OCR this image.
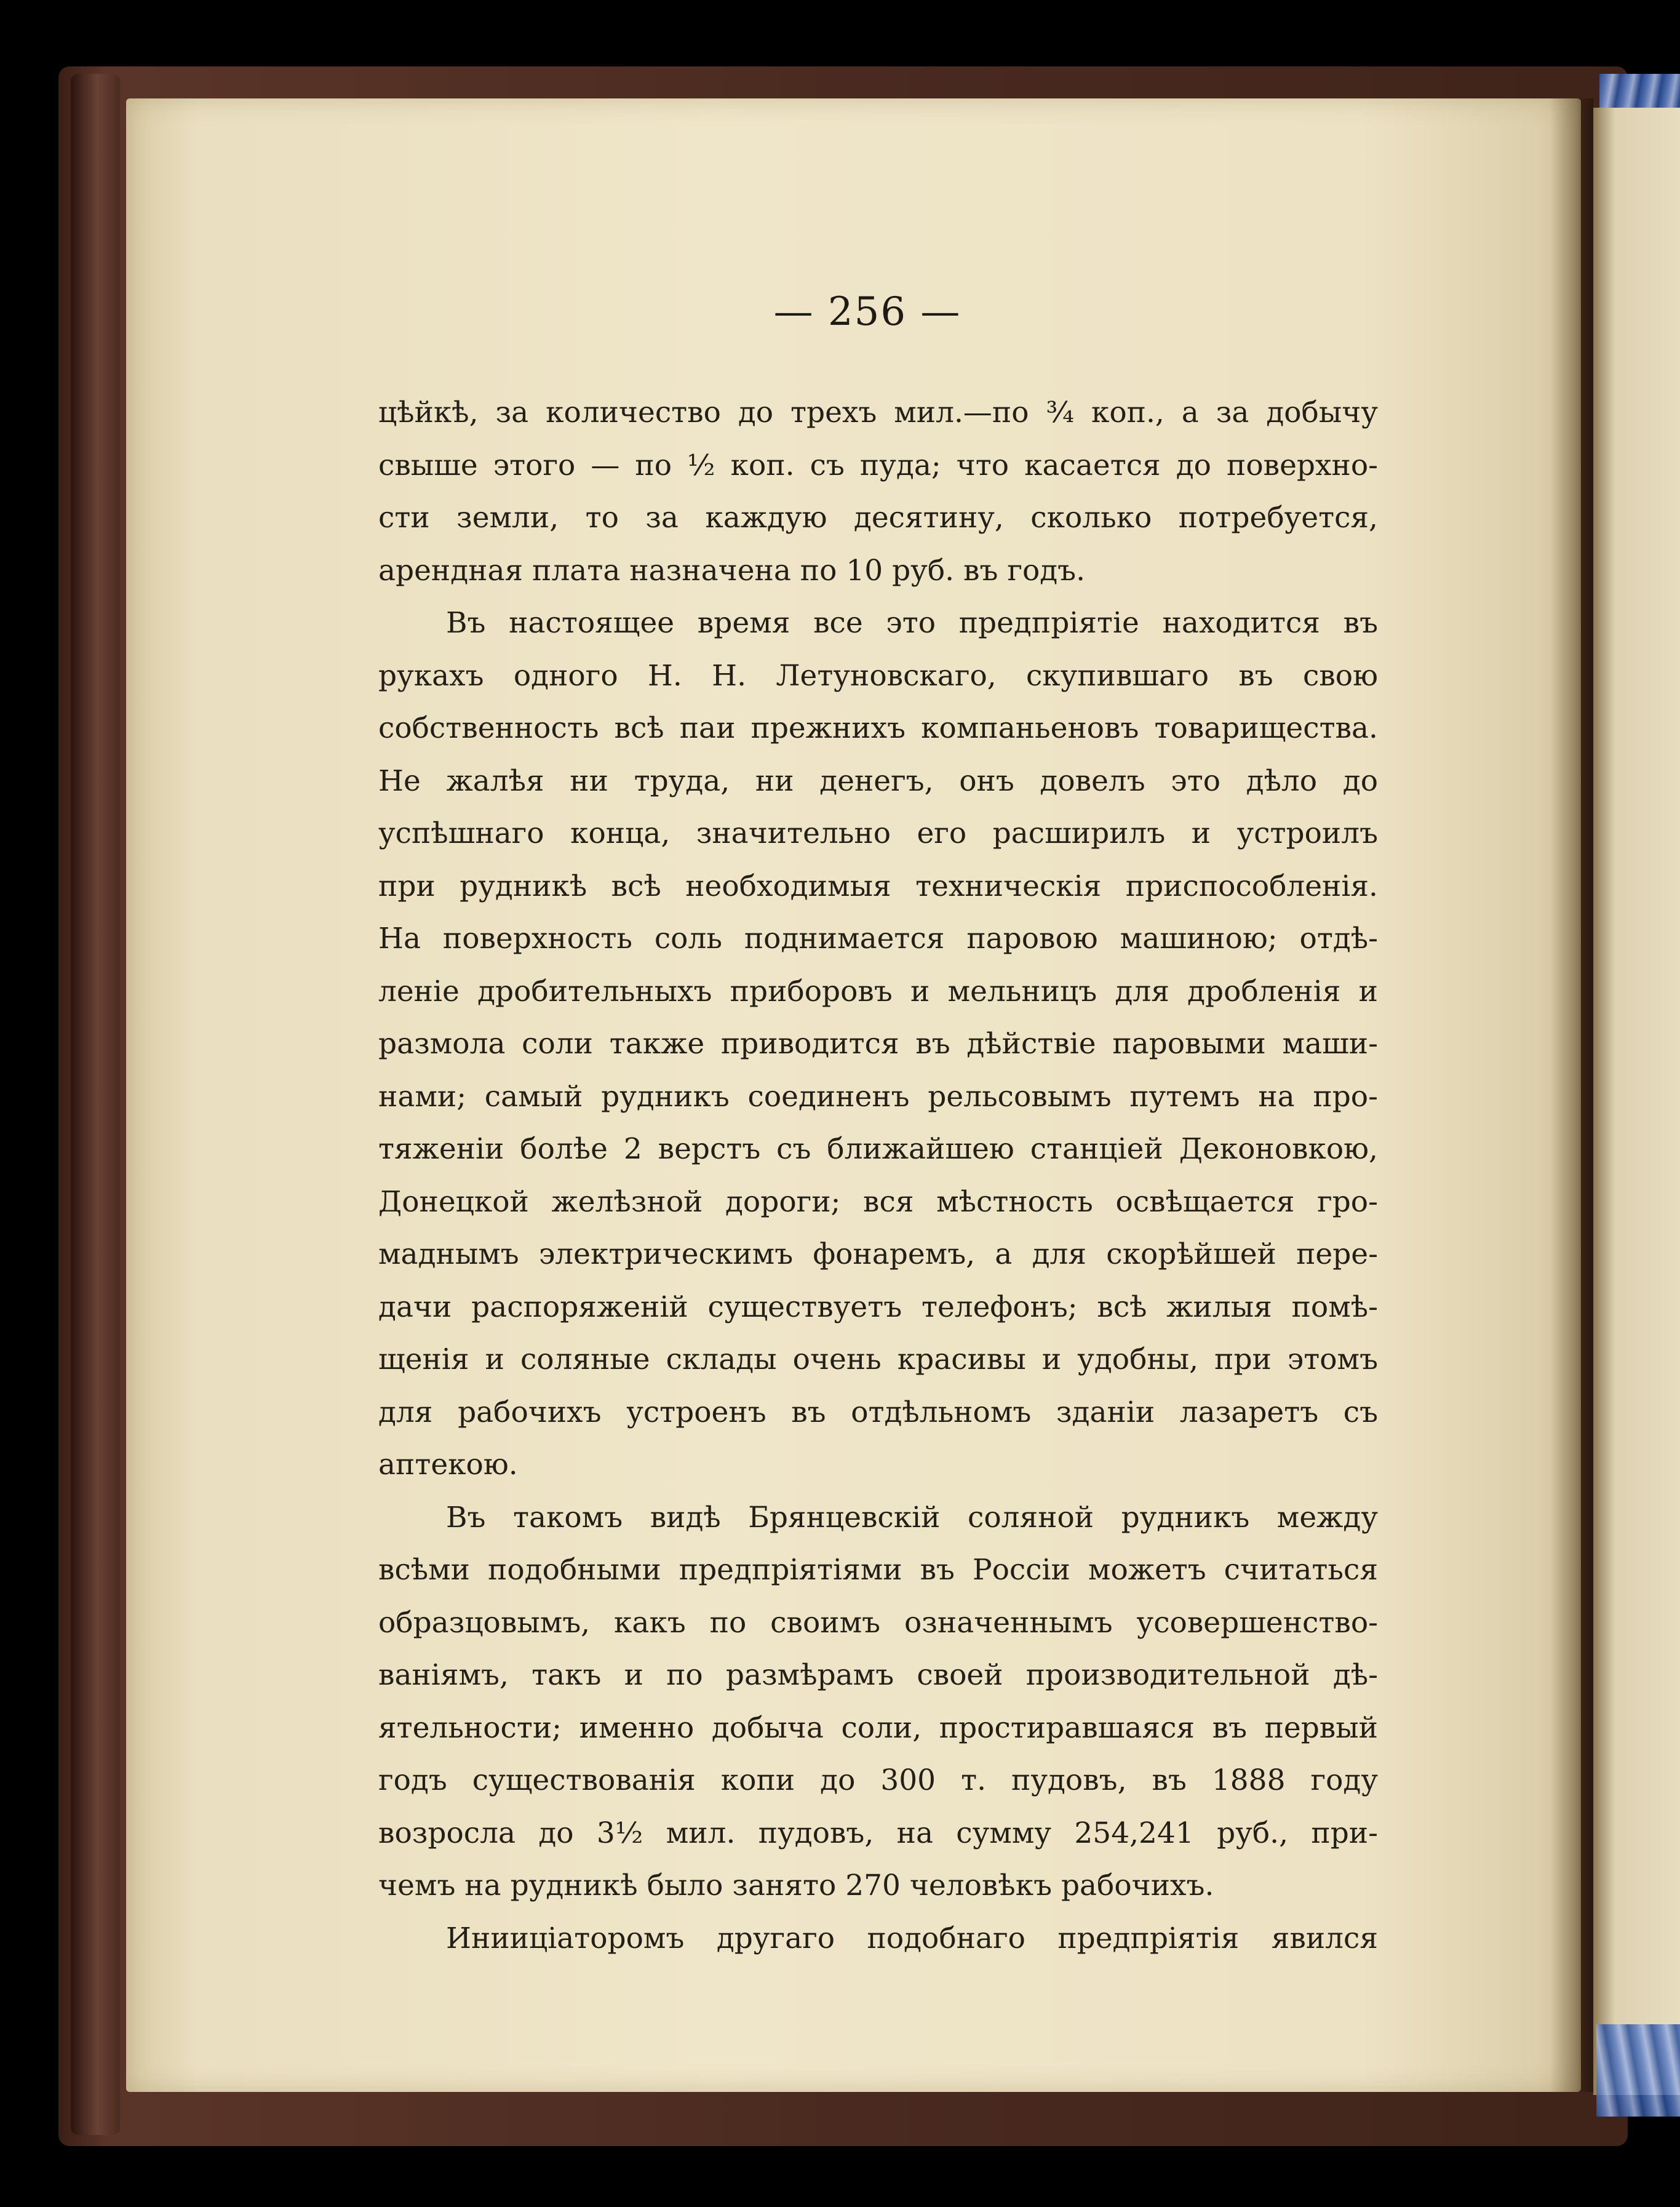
— 256 —
цѣйкѣ, за количество до трехъ мил.—по ¾ коп., а за добычу
свыше этого — по ½ коп. съ пуда; что касается до поверхно-
сти земли, то за каждую десятину, сколько потребуется,
арендная плата назначена по 10 руб. въ годъ.
Въ настоящее время все это предпріятіе находится въ
рукахъ одного Н. Н. Летуновскаго, скупившаго въ свою
собственность всѣ паи прежнихъ компаньеновъ товарищества.
Не жалѣя ни труда, ни денегъ, онъ довелъ это дѣло до
успѣшнаго конца, значительно его расширилъ и устроилъ
при рудникѣ всѣ необходимыя техническія приспособленія.
На поверхность соль поднимается паровою машиною; отдѣ-
леніе дробительныхъ приборовъ и мельницъ для дробленія и
размола соли также приводится въ дѣйствіе паровыми маши-
нами; самый рудникъ соединенъ рельсовымъ путемъ на про-
тяженіи болѣе 2 верстъ съ ближайшею станціей Деконовкою,
Донецкой желѣзной дороги; вся мѣстность освѣщается гро-
маднымъ электрическимъ фонаремъ, а для скорѣйшей пере-
дачи распоряженій существуетъ телефонъ; всѣ жилыя помѣ-
щенія и соляные склады очень красивы и удобны, при этомъ
для рабочихъ устроенъ въ отдѣльномъ зданіи лазаретъ съ
аптекою.
Въ такомъ видѣ Брянцевскій соляной рудникъ между
всѣми подобными предпріятіями въ Россіи можетъ считаться
образцовымъ, какъ по своимъ означеннымъ усовершенство-
ваніямъ, такъ и по размѣрамъ своей производительной дѣ-
ятельности; именно добыча соли, простиравшаяся въ первый
годъ существованія копи до 300 т. пудовъ, въ 1888 году
возросла до 3½ мил. пудовъ, на сумму 254,241 руб., при-
чемъ на рудникѣ было занято 270 человѣкъ рабочихъ.
Инииціаторомъ другаго подобнаго предпріятія явился
